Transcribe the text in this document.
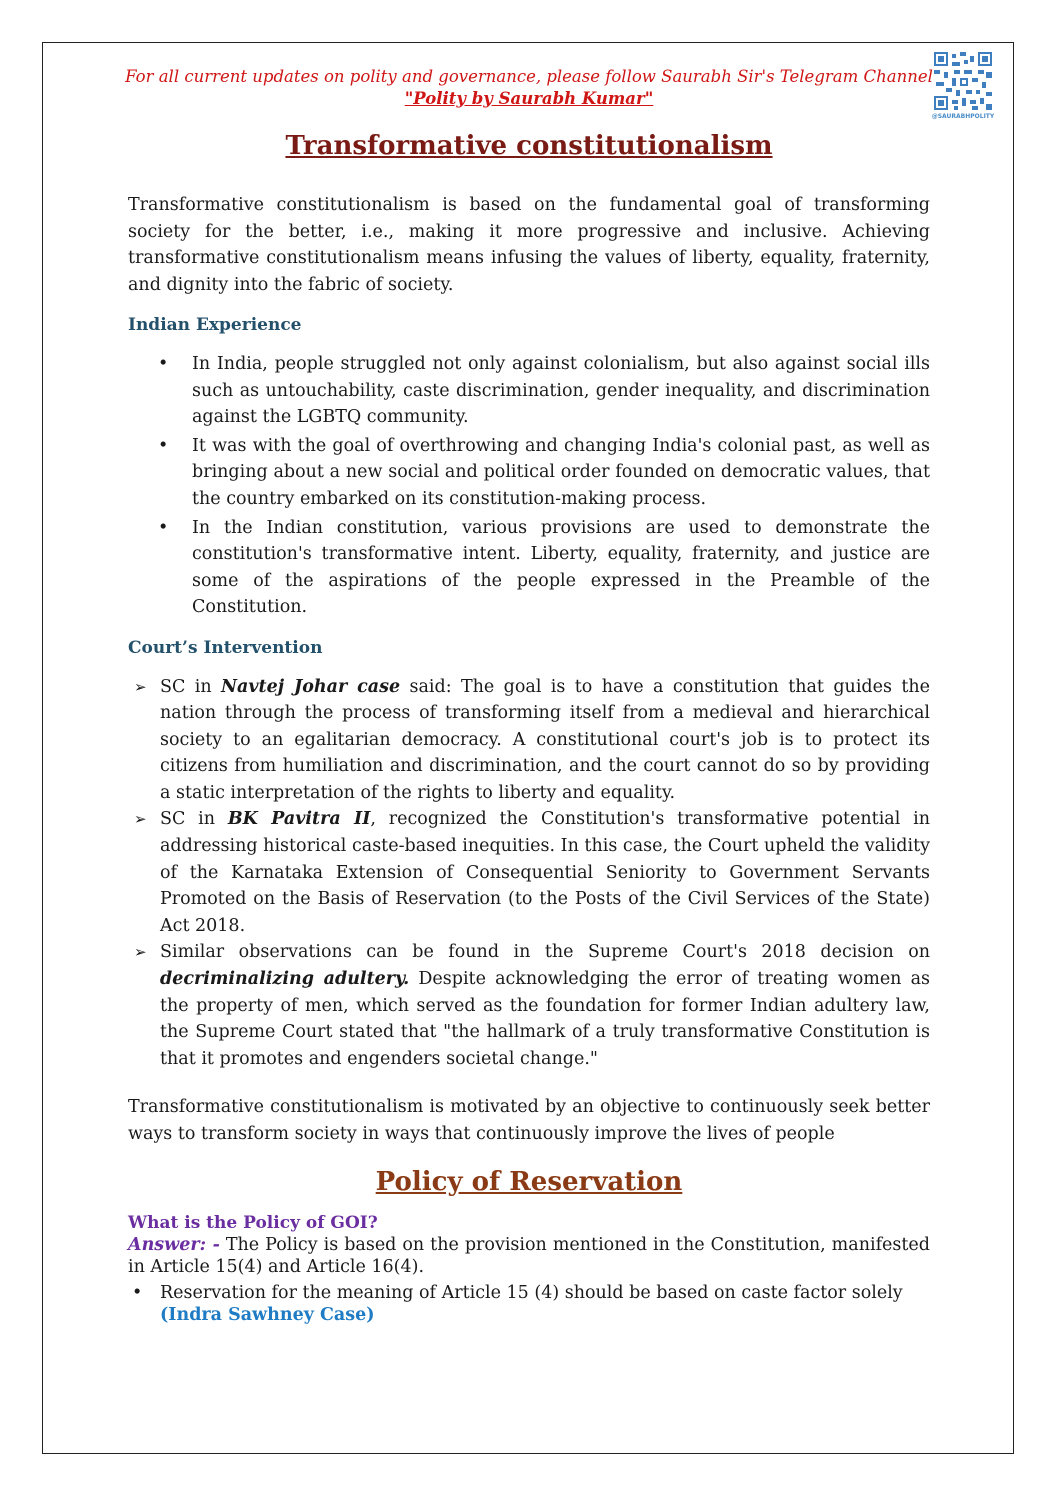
For all current updates on polity and governance, please follow Saurabh Sir's Telegram Channel
"Polity by Saurabh Kumar"
@SAURABHPOLITY
Transformative constitutionalism

Transformative constitutionalism is based on the fundamental goal of transforming society for the better, i.e., making it more progressive and inclusive. Achieving transformative constitutionalism means infusing the values of liberty, equality, fraternity, and dignity into the fabric of society.

Indian Experience
• In India, people struggled not only against colonialism, but also against social ills such as untouchability, caste discrimination, gender inequality, and discrimination against the LGBTQ community.
• It was with the goal of overthrowing and changing India's colonial past, as well as bringing about a new social and political order founded on democratic values, that the country embarked on its constitution-making process.
• In the Indian constitution, various provisions are used to demonstrate the constitution's transformative intent. Liberty, equality, fraternity, and justice are some of the aspirations of the people expressed in the Preamble of the Constitution.
Court’s Intervention
➢ SC in Navtej Johar case said: The goal is to have a constitution that guides the nation through the process of transforming itself from a medieval and hierarchical society to an egalitarian democracy. A constitutional court's job is to protect its citizens from humiliation and discrimination, and the court cannot do so by providing a static interpretation of the rights to liberty and equality.
➢ SC in BK Pavitra II, recognized the Constitution's transformative potential in addressing historical caste-based inequities. In this case, the Court upheld the validity of the Karnataka Extension of Consequential Seniority to Government Servants Promoted on the Basis of Reservation (to the Posts of the Civil Services of the State) Act 2018.
➢ Similar observations can be found in the Supreme Court's 2018 decision on decriminalizing adultery. Despite acknowledging the error of treating women as the property of men, which served as the foundation for former Indian adultery law, the Supreme Court stated that "the hallmark of a truly transformative Constitution is that it promotes and engenders societal change."

Transformative constitutionalism is motivated by an objective to continuously seek better ways to transform society in ways that continuously improve the lives of people

Policy of Reservation
What is the Policy of GOI?

Answer: - The Policy is based on the provision mentioned in the Constitution, manifested in Article 15(4) and Article 16(4).

• Reservation for the meaning of Article 15 (4) should be based on caste factor solely
(Indra Sawhney Case)
